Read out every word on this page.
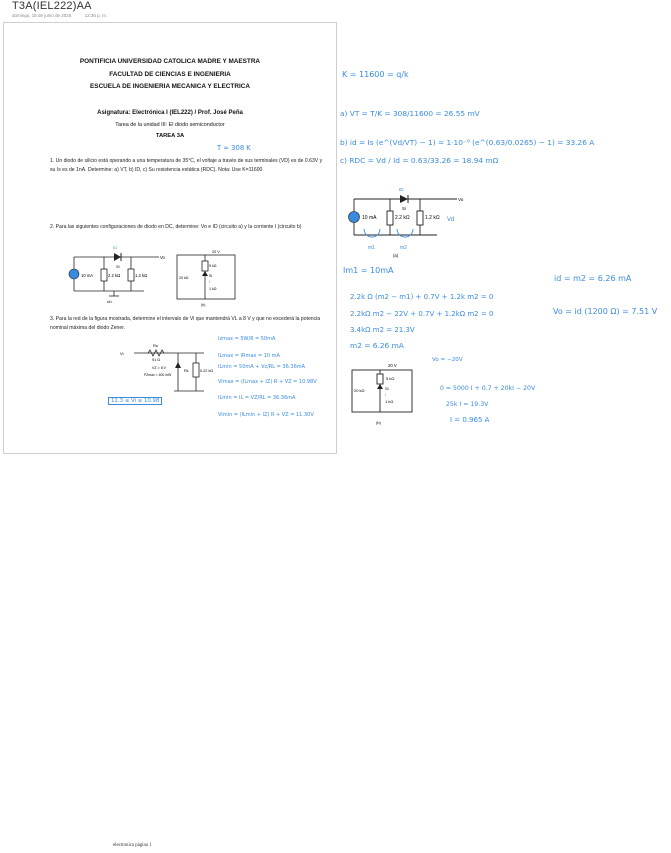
T3A(IEL222)AA
domingo, 15 de junio de 2025	12:36 p. m.
PONTIFICIA UNIVERSIDAD CATOLICA MADRE Y MAESTRA
FACULTAD DE CIENCIAS E INGENIERIA
ESCUELA DE INGENIERIA MECANICA Y ELECTRICA
Asignatura: Electrónica I (IEL222) / Prof. José Peña
Tarea de la unidad III: El diodo semiconductor
TAREA 3A
1. Un diodo de silicio está operando a una temperatura de 35°C, el voltaje a través de sus terminales (VD) es de 0.63V y su Is es de 1nA. Determine: a) VT, b) ID, c) Su resistencia estática (RDC). Nota: Use K=11600
2. Para las siguientes configuraciones de diodo en DC, determine: Vo e ID (circuito a) y la corriente I (circuito b)
3. Para la red de la figura mostrada, determine el intervalo de Vi que mantendrá VL a 8 V y que no excederá la potencia nominal máxima del diodo Zener.
10 mA	2.2 kΩ	1.2 kΩ
Si
Vo
ID
(a)
20 V
5 kΩ
20 kΩ
1 kΩ
Si
I
(b)
Vi
Rs
91 Ω
VZ = 8 V
PZmax = 400 mW
RL	0.22 kΩ
T ≈ 308 K
Izmax = 5W/8 = 50mA
ILmax = IRmax = 10 mA
ILmin = 50mA + Vz/RL = 36.36mA
Vimax = (ILmax + IZ) R + VZ = 10.98V
ILmin = IL = VZ/RL = 36.36mA
Vimin = (ILmin + IZ) R + VZ = 11.30V
11.3 ≤ Vi ≤ 10.98
K = 11600 = q/k
a) VT = T/K = 308/11600 = 26.55 mV
b) id = Is (e^(Vd/VT) − 1) = 1·10⁻⁹ (e^(0.63/0.0265) − 1) = 33.26 A
c) RDC = Vd / Id = 0.63/33.26 = 18.94 mΩ
10 mA	2.2 kΩ	1.2 kΩ
Si
Vo
ID
m1	m2
Vd
(a)
Im1 = 10mA
2.2k Ω (m2 − m1) + 0.7V + 1.2k m2 = 0
2.2kΩ m2 − 22V + 0.7V + 1.2kΩ m2 = 0
3.4kΩ m2 = 21.3V
m2 = 6.26 mA
id = m2 = 6.26 mA
Vo = id (1200 Ω) = 7.51 V
20 V
5 kΩ
20 kΩ
1 kΩ
Si
I
(b)
Vo = −20V
0 = 5000 I + 0.7 + 20kI − 20V
25k I = 19.3V
I = 0.965 A
electronica página 1
